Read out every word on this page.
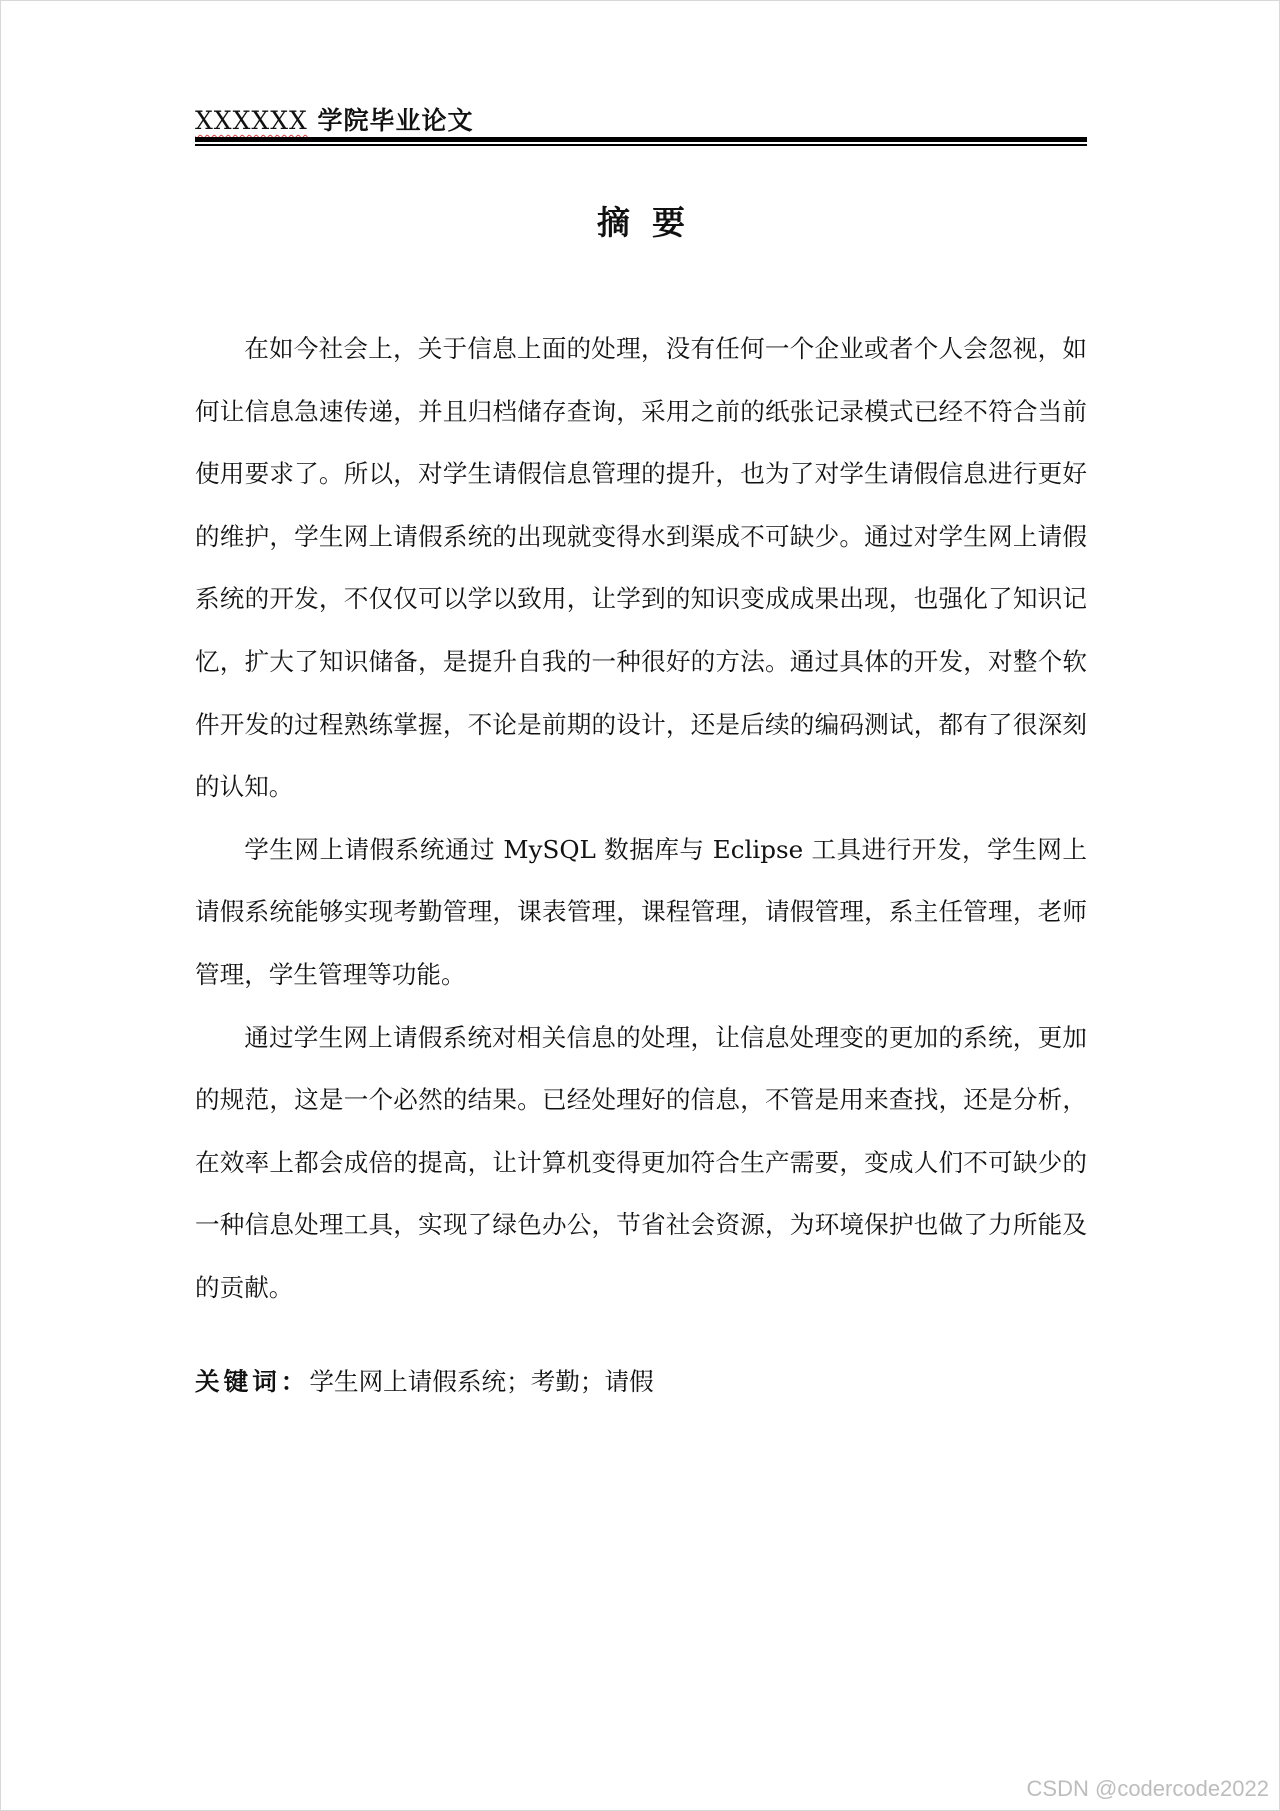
XXXXXX 学院毕业论文
摘要

在如今社会上，关于信息上面的处理，没有任何一个企业或者个人会忽视，如何让信息急速传递，并且归档储存查询，采用之前的纸张记录模式已经不符合当前使用要求了。所以，对学生请假信息管理的提升，也为了对学生请假信息进行更好的维护，学生网上请假系统的出现就变得水到渠成不可缺少。通过对学生网上请假系统的开发，不仅仅可以学以致用，让学到的知识变成成果出现，也强化了知识记忆，扩大了知识储备，是提升自我的一种很好的方法。通过具体的开发，对整个软件开发的过程熟练掌握，不论是前期的设计，还是后续的编码测试，都有了很深刻的认知。

学生网上请假系统通过 MySQL 数据库与 Eclipse 工具进行开发，学生网上请假系统能够实现考勤管理，课表管理，课程管理，请假管理，系主任管理，老师管理，学生管理等功能。

通过学生网上请假系统对相关信息的处理，让信息处理变的更加的系统，更加的规范，这是一个必然的结果。已经处理好的信息，不管是用来查找，还是分析，在效率上都会成倍的提高，让计算机变得更加符合生产需要，变成人们不可缺少的一种信息处理工具，实现了绿色办公，节省社会资源，为环境保护也做了力所能及的贡献。

关键词：学生网上请假系统；考勤；请假
CSDN @codercode2022
